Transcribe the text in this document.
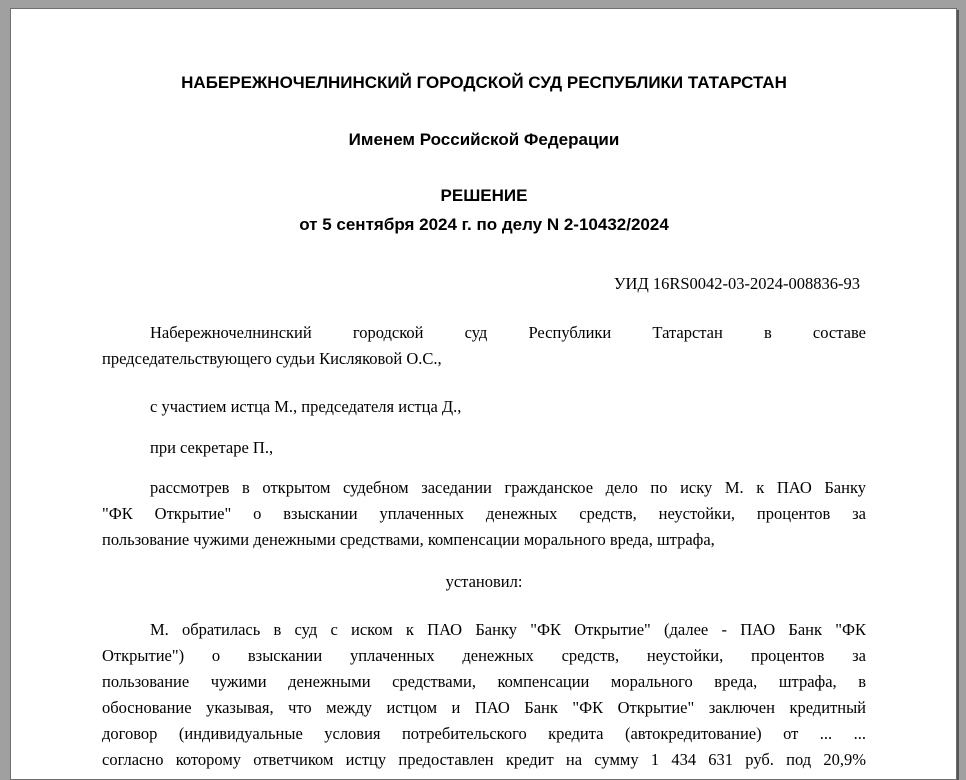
НАБЕРЕЖНОЧЕЛНИНСКИЙ ГОРОДСКОЙ СУД РЕСПУБЛИКИ ТАТАРСТАН
Именем Российской Федерации
РЕШЕНИЕ
от 5 сентября 2024 г. по делу N 2-10432/2024
УИД 16RS0042-03-2024-008836-93
Набережночелнинский городской суд Республики Татарстан в составе
председательствующего судьи Кисляковой О.С.,
с участием истца М., председателя истца Д.,
при секретаре П.,
рассмотрев в открытом судебном заседании гражданское дело по иску М. к ПАО Банку
"ФК Открытие" о взыскании уплаченных денежных средств, неустойки, процентов за
пользование чужими денежными средствами, компенсации морального вреда, штрафа,
установил:
М. обратилась в суд с иском к ПАО Банку "ФК Открытие" (далее - ПАО Банк "ФК
Открытие") о взыскании уплаченных денежных средств, неустойки, процентов за
пользование чужими денежными средствами, компенсации морального вреда, штрафа, в
обоснование указывая, что между истцом и ПАО Банк "ФК Открытие" заключен кредитный
договор (индивидуальные условия потребительского кредита (автокредитование) от ... ...
согласно которому ответчиком истцу предоставлен кредит на сумму 1 434 631 руб. под 20,9%
